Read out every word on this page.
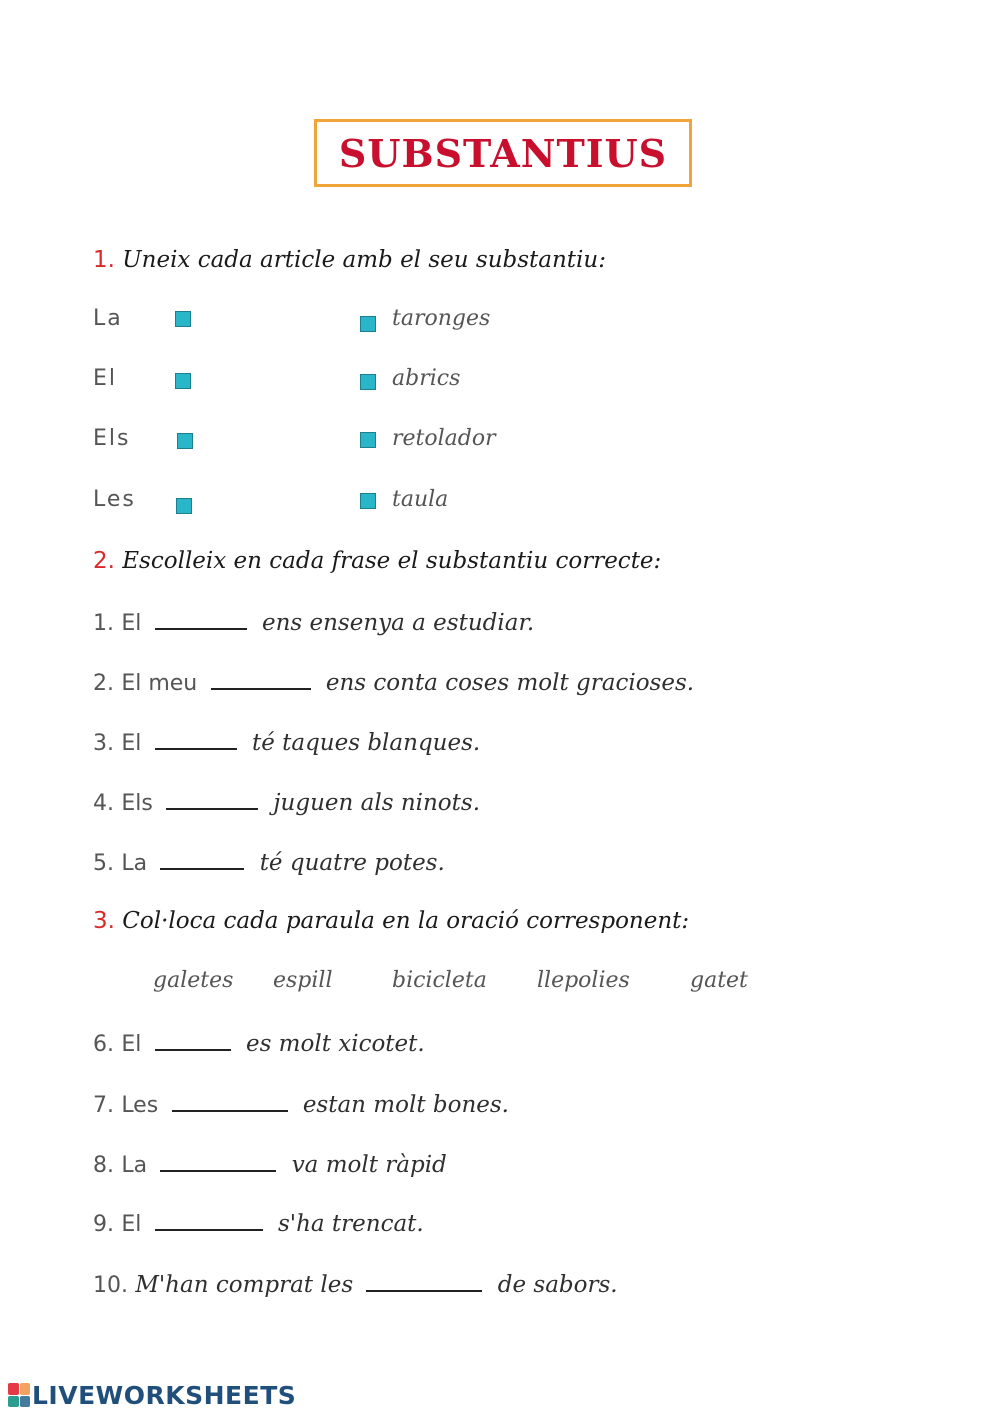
SUBSTANTIUS
1. Uneix cada article amb el seu substantiu:
La	taronges
El	abrics
Els	retolador
Les	taula
2. Escolleix en cada frase el substantiu correcte:
1. El	ens ensenya a estudiar.
2. El meu	ens conta coses molt gracioses.
3. El	té taques blanques.
4. Els	juguen als ninots.
5. La	té quatre potes.
3. Col·loca cada paraula en la oració corresponent:
galetes espill	bicicleta llepolies	gatet
6. El	es molt xicotet.
7. Les	estan molt bones.
8. La	va molt ràpid
9. El	s'ha trencat.
10. M'han comprat les	de sabors.
LIVEWORKSHEETS
